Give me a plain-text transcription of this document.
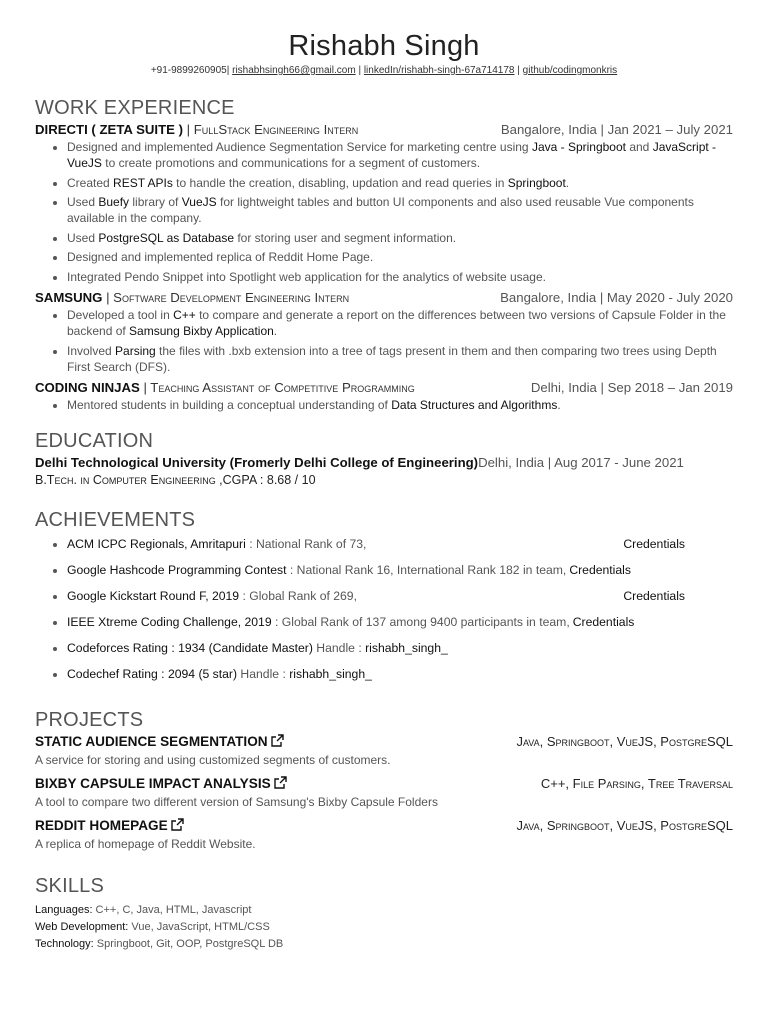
Rishabh Singh
+91-9899260905| rishabhsingh66@gmail.com | linkedIn/rishabh-singh-67a714178 | github/codingmonkris
WORK EXPERIENCE
DIRECTI ( ZETA SUITE ) | FullStack Engineering Intern	Bangalore, India | Jan 2021 – July 2021
• Designed and implemented Audience Segmentation Service for marketing centre using Java - Springboot and JavaScript - VueJS to create promotions and communications for a segment of customers.
• Created REST APIs to handle the creation, disabling, updation and read queries in Springboot.
• Used Buefy library of VueJS for lightweight tables and button UI components and also used reusable Vue components available in the company.
• Used PostgreSQL as Database for storing user and segment information.
• Designed and implemented replica of Reddit Home Page.
• Integrated Pendo Snippet into Spotlight web application for the analytics of website usage.
SAMSUNG | Software Development Engineering Intern	Bangalore, India | May 2020 - July 2020
• Developed a tool in C++ to compare and generate a report on the differences between two versions of Capsule Folder in the backend of Samsung Bixby Application.
• Involved Parsing the files with .bxb extension into a tree of tags present in them and then comparing two trees using Depth First Search (DFS).
CODING NINJAS | Teaching Assistant of Competitive Programming	Delhi, India | Sep 2018 – Jan 2019
• Mentored students in building a conceptual understanding of Data Structures and Algorithms.
EDUCATION
Delhi Technological University (Fromerly Delhi College of Engineering) Delhi, India | Aug 2017 - June 2021
B.Tech. in Computer Engineering ,CGPA : 8.68 / 10
ACHIEVEMENTS
• ACM ICPC Regionals, Amritapuri : National Rank of 73,	Credentials
• Google Hashcode Programming Contest : National Rank 16, International Rank 182 in team, Credentials
• Google Kickstart Round F, 2019 : Global Rank of 269,	Credentials
• IEEE Xtreme Coding Challenge, 2019 : Global Rank of 137 among 9400 participants in team, Credentials
• Codeforces Rating : 1934 (Candidate Master) Handle : rishabh_singh_
• Codechef Rating : 2094 (5 star) Handle : rishabh_singh_
PROJECTS
STATIC AUDIENCE SEGMENTATION	Java, Springboot, VueJS, PostgreSQL
A service for storing and using customized segments of customers.
BIXBY CAPSULE IMPACT ANALYSIS	C++, File Parsing, Tree Traversal
A tool to compare two different version of Samsung's Bixby Capsule Folders
REDDIT HOMEPAGE	Java, Springboot, VueJS, PostgreSQL
A replica of homepage of Reddit Website.
SKILLS
Languages: C++, C, Java, HTML, Javascript
Web Development: Vue, JavaScript, HTML/CSS
Technology: Springboot, Git, OOP, PostgreSQL DB
